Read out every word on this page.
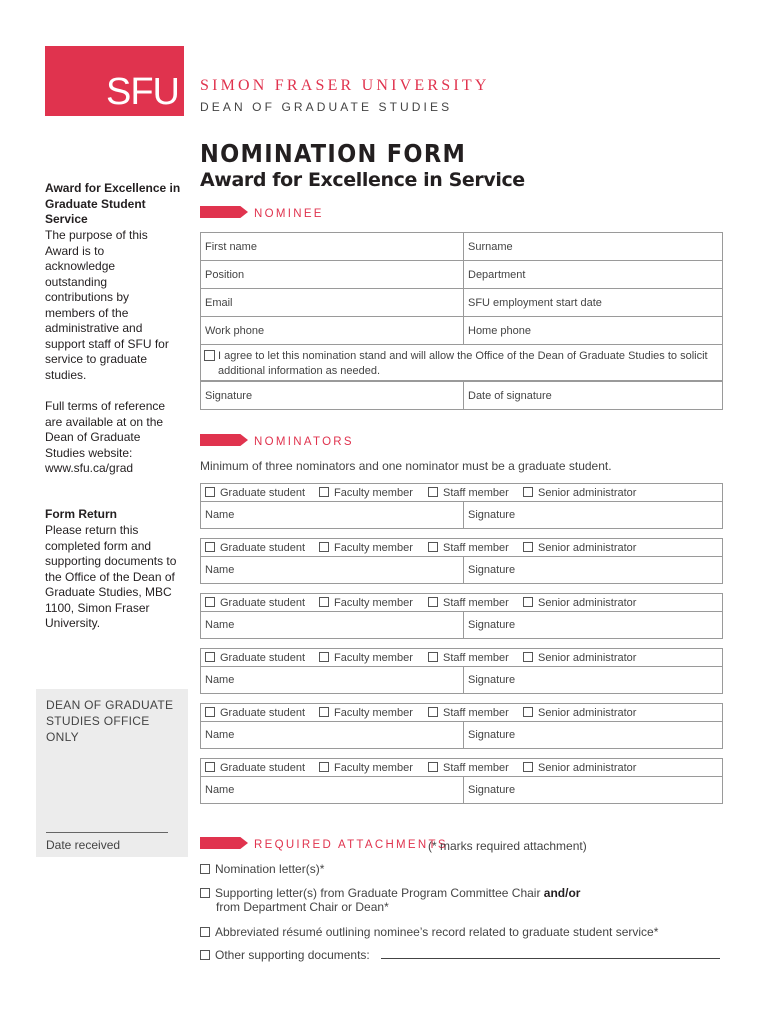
SFU SIMON FRASER UNIVERSITY
DEAN OF GRADUATE STUDIES
NOMINATION FORM
Award for Excellence in Service
Award for Excellence in Graduate Student Service
The purpose of this Award is to acknowledge outstanding contributions by members of the administrative and support staff of SFU for service to graduate studies.
Full terms of reference are available at on the Dean of Graduate Studies website: www.sfu.ca/grad
Form Return
Please return this completed form and supporting documents to the Office of the Dean of Graduate Studies, MBC 1100, Simon Fraser University.
DEAN OF GRADUATE STUDIES OFFICE ONLY
Date received
NOMINEE
First name	Surname
Position	Department
Email	SFU employment start date
Work phone	Home phone
I agree to let this nomination stand and will allow the Office of the Dean of Graduate Studies to solicit additional information as needed.
Signature	Date of signature
NOMINATORS
Minimum of three nominators and one nominator must be a graduate student.
Graduate student	Faculty member	Staff member	Senior administrator

Name	Signature
Graduate student	Faculty member	Staff member	Senior administrator

Name	Signature
Graduate student	Faculty member	Staff member	Senior administrator

Name	Signature
Graduate student	Faculty member	Staff member	Senior administrator

Name	Signature
Graduate student	Faculty member	Staff member	Senior administrator

Name	Signature
Graduate student	Faculty member	Staff member	Senior administrator

Name	Signature
REQUIRED ATTACHMENTS
(* marks required attachment)
Nomination letter(s)*
Supporting letter(s) from Graduate Program Committee Chair and/or
from Department Chair or Dean*
Abbreviated résumé outlining nominee’s record related to graduate student service*
Other supporting documents:
